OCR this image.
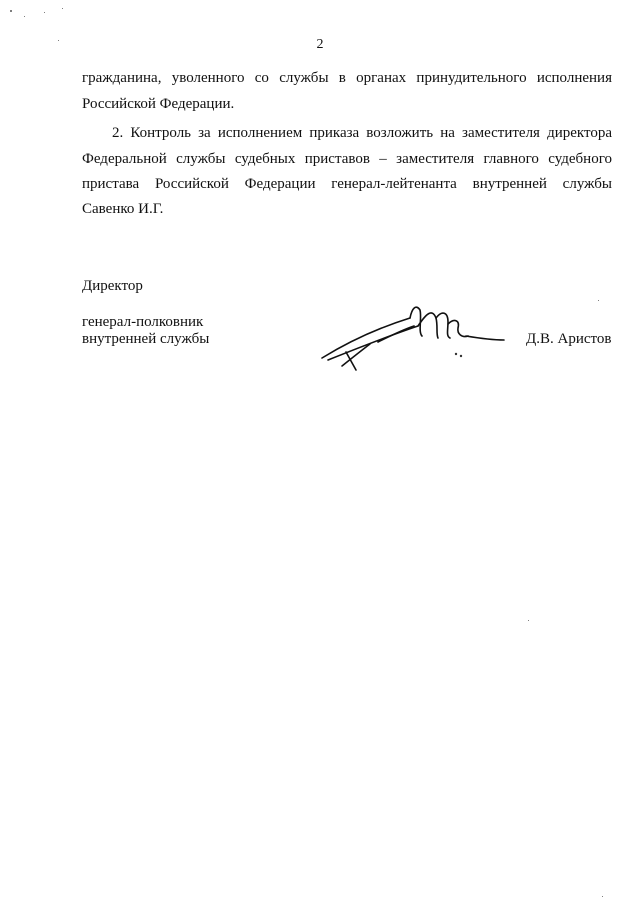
2
гражданина, уволенного со службы в органах принудительного исполнения
Российской Федерации.
2. Контроль за исполнением приказа возложить на заместителя директора
Федеральной службы судебных приставов – заместителя главного судебного
пристава Российской Федерации генерал-лейтенанта внутренней службы
Савенко И.Г.
Директор
генерал-полковник
внутренней службы	Д.В. Аристов
